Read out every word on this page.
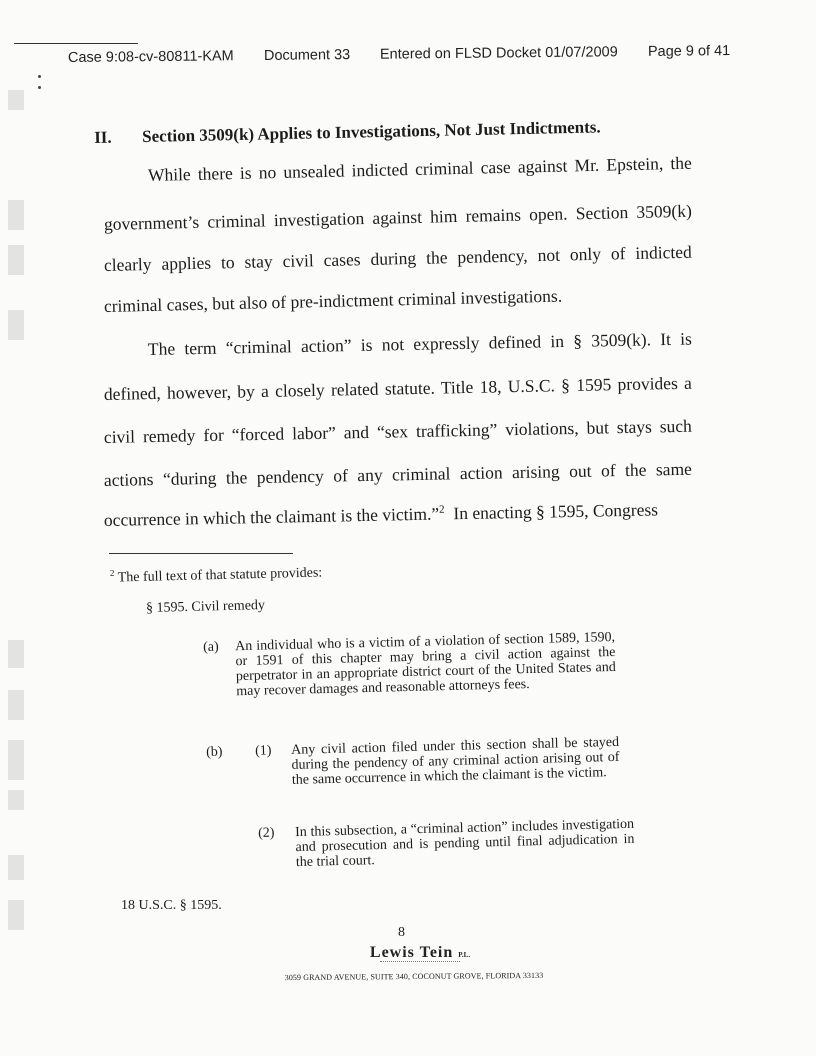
Case 9:08-cv-80811-KAM Document 33 Entered on FLSD Docket 01/07/2009 Page 9 of 41
II. Section 3509(k) Applies to Investigations, Not Just Indictments.
While there is no unsealed indicted criminal case against Mr. Epstein, the
government’s criminal investigation against him remains open. Section 3509(k)
clearly applies to stay civil cases during the pendency, not only of indicted
criminal cases, but also of pre-indictment criminal investigations.
The term “criminal action” is not expressly defined in § 3509(k). It is
defined, however, by a closely related statute. Title 18, U.S.C. § 1595 provides a
civil remedy for “forced labor” and “sex trafficking” violations, but stays such
actions “during the pendency of any criminal action arising out of the same
occurrence in which the claimant is the victim.”$^2$  In enacting § 1595, Congress
$^2$ The full text of that statute provides:
§ 1595. Civil remedy
(a) An individual who is a victim of a violation of section 1589, 1590, or 1591 of this chapter may bring a civil action against the perpetrator in an appropriate district court of the United States and may recover damages and reasonable attorneys fees.
(b) (1) Any civil action filed under this section shall be stayed during the pendency of any criminal action arising out of the same occurrence in which the claimant is the victim.
(2) In this subsection, a “criminal action” includes investigation and prosecution and is pending until final adjudication in the trial court.
18 U.S.C. § 1595.
8
Lewis Tein P.L.
3059 GRAND AVENUE, SUITE 340, COCONUT GROVE, FLORIDA 33133
